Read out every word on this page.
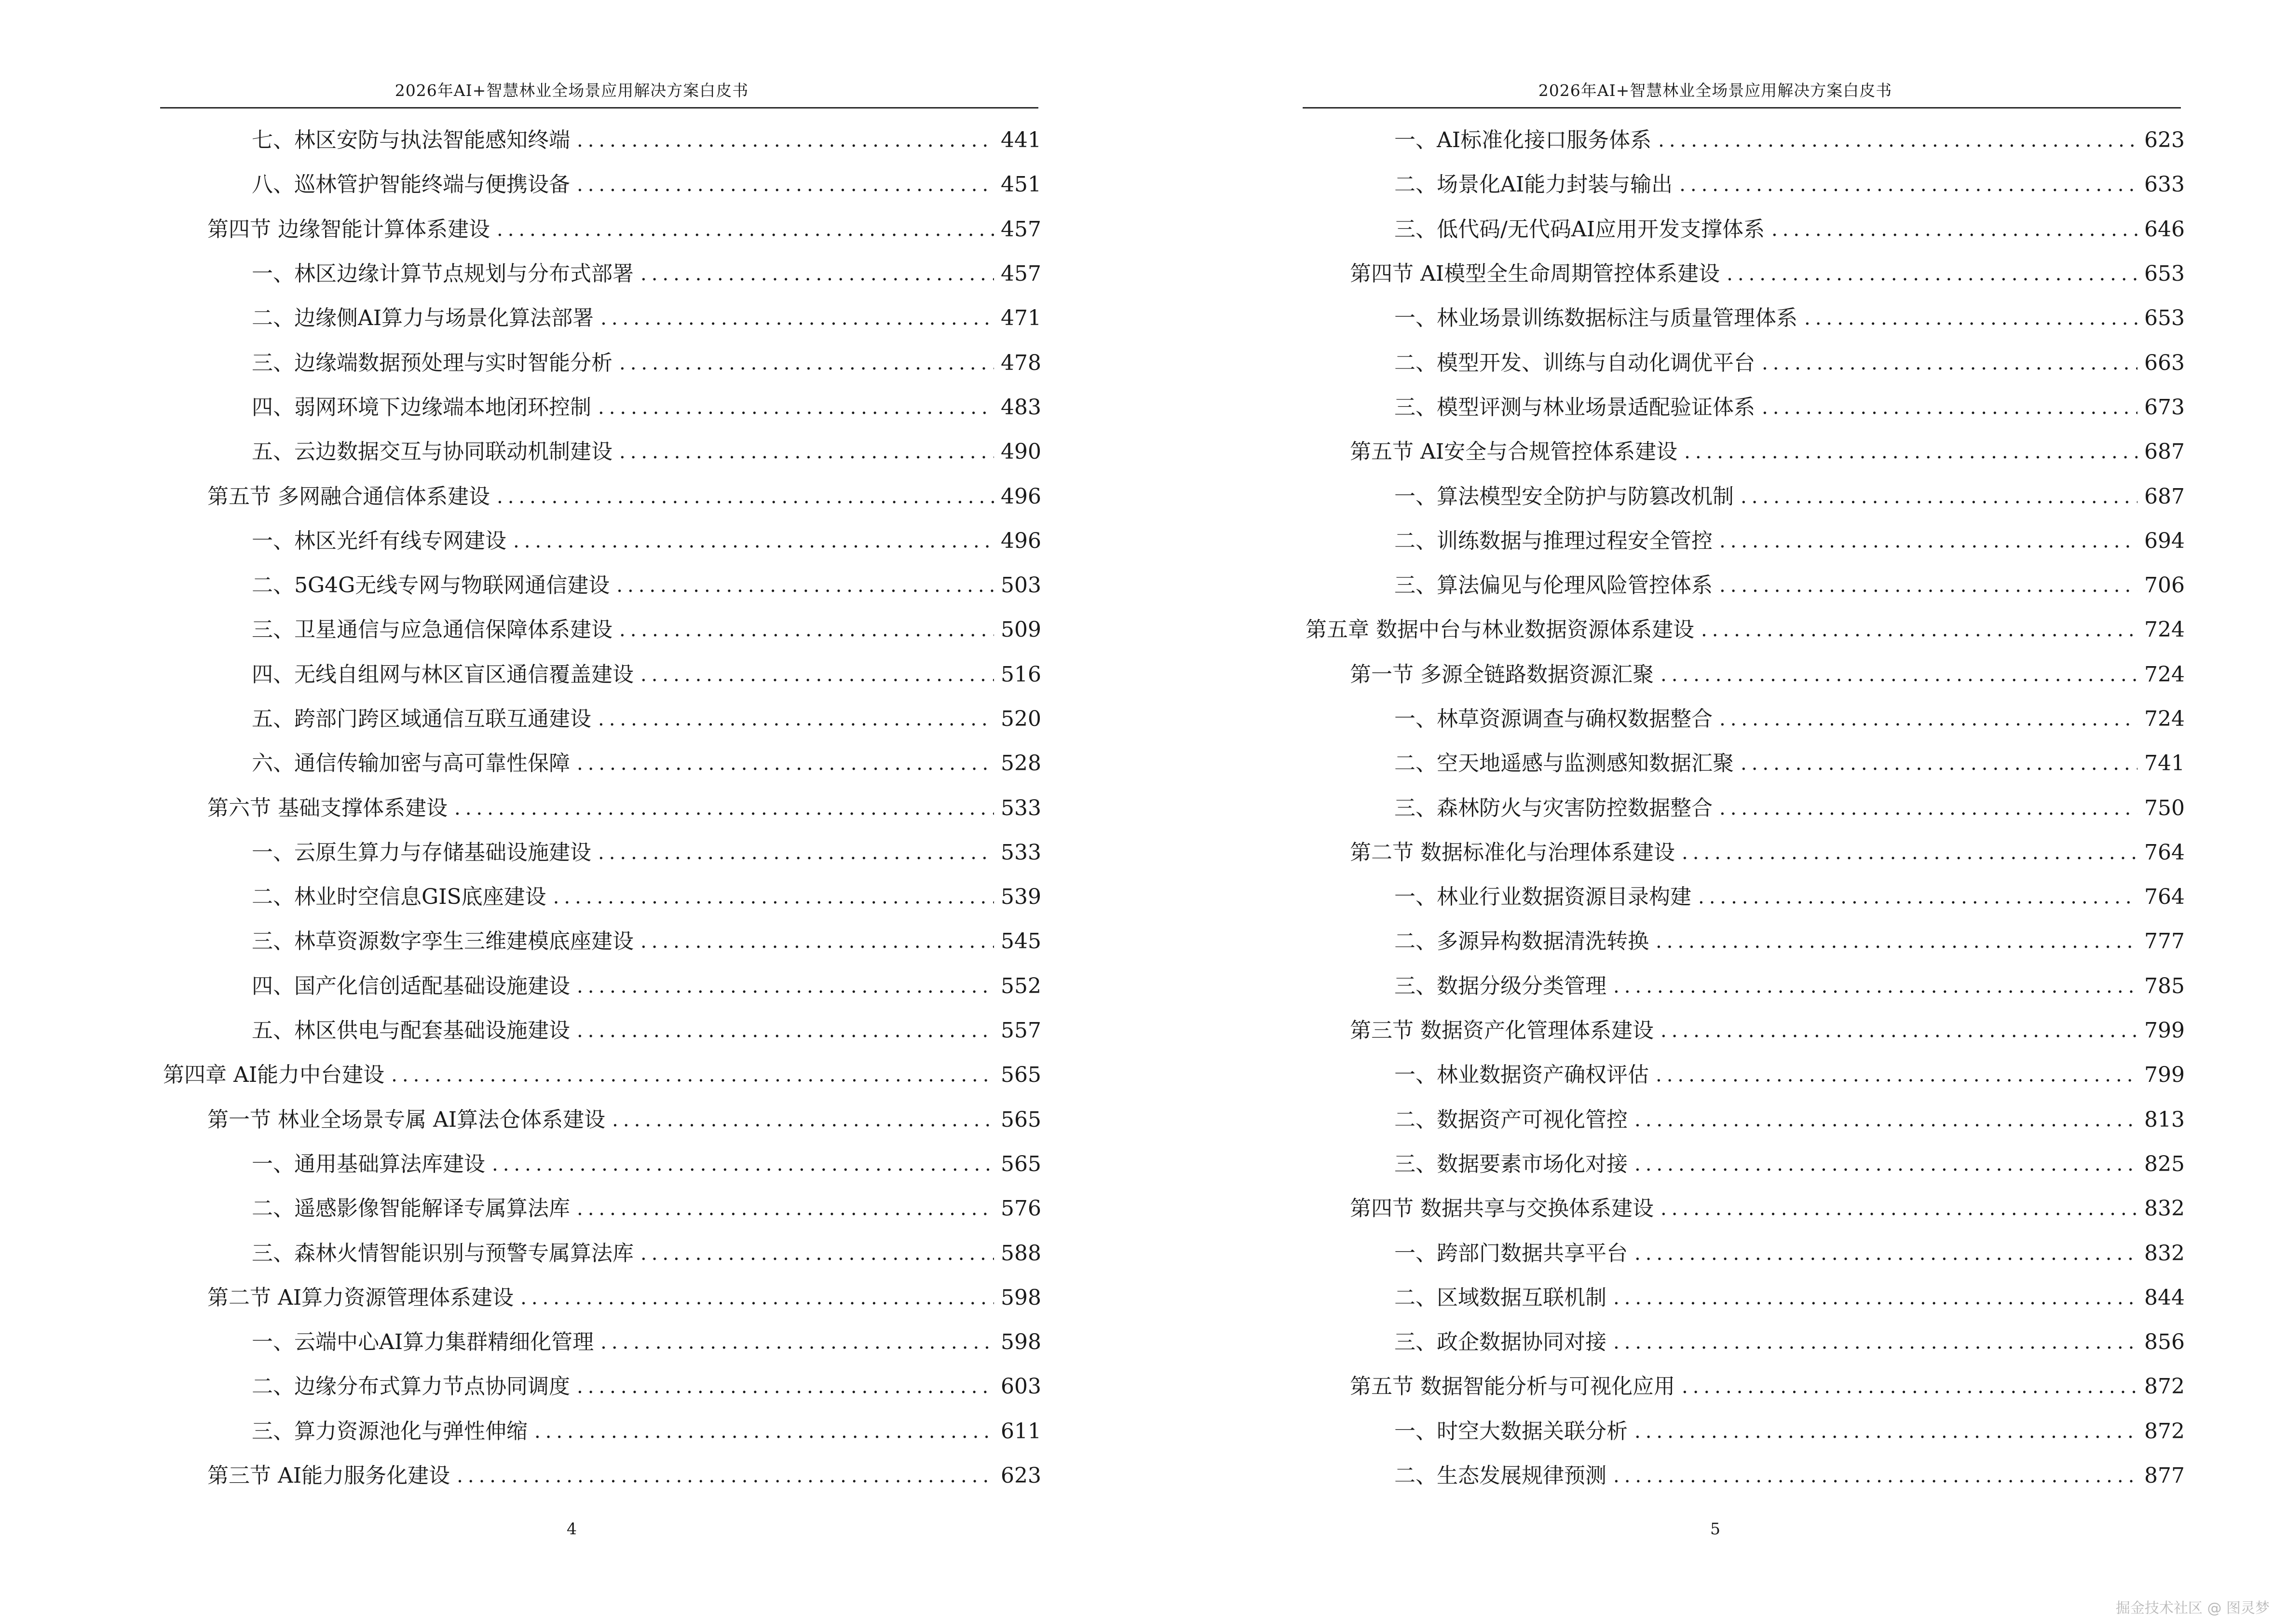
2026年AI+智慧林业全场景应用解决方案白皮书
七、林区安防与执法智能感知终端 .....	441
八、巡林管护智能终端与便携设备 .....	451
第四节 边缘智能计算体系建设 .....	457
一、林区边缘计算节点规划与分布式部署 .....	457
二、边缘侧AI算力与场景化算法部署 .....	471
三、边缘端数据预处理与实时智能分析 .....	478
四、弱网环境下边缘端本地闭环控制 .....	483
五、云边数据交互与协同联动机制建设 .....	490
第五节 多网融合通信体系建设 .....	496
一、林区光纤有线专网建设 .....	496
二、5G4G无线专网与物联网通信建设 .....	503
三、卫星通信与应急通信保障体系建设 .....	509
四、无线自组网与林区盲区通信覆盖建设 .....	516
五、跨部门跨区域通信互联互通建设 .....	520
六、通信传输加密与高可靠性保障 .....	528
第六节 基础支撑体系建设 .....	533
一、云原生算力与存储基础设施建设 .....	533
二、林业时空信息GIS底座建设 .....	539
三、林草资源数字孪生三维建模底座建设 .....	545
四、国产化信创适配基础设施建设 .....	552
五、林区供电与配套基础设施建设 .....	557
第四章 AI能力中台建设 .....	565
第一节 林业全场景专属 AI算法仓体系建设 .....	565
一、通用基础算法库建设 .....	565
二、遥感影像智能解译专属算法库 .....	576
三、森林火情智能识别与预警专属算法库 .....	588
第二节 AI算力资源管理体系建设 .....	598
一、云端中心AI算力集群精细化管理 .....	598
二、边缘分布式算力节点协同调度 .....	603
三、算力资源池化与弹性伸缩 .....	611
第三节 AI能力服务化建设 .....	623
4
2026年AI+智慧林业全场景应用解决方案白皮书
一、AI标准化接口服务体系 .....	623
二、场景化AI能力封装与输出 .....	633
三、低代码/无代码AI应用开发支撑体系 .....	646
第四节 AI模型全生命周期管控体系建设 .....	653
一、林业场景训练数据标注与质量管理体系 .....	653
二、模型开发、训练与自动化调优平台 .....	663
三、模型评测与林业场景适配验证体系 .....	673
第五节 AI安全与合规管控体系建设 .....	687
一、算法模型安全防护与防篡改机制 .....	687
二、训练数据与推理过程安全管控 .....	694
三、算法偏见与伦理风险管控体系 .....	706
第五章 数据中台与林业数据资源体系建设 .....	724
第一节 多源全链路数据资源汇聚 .....	724
一、林草资源调查与确权数据整合 .....	724
二、空天地遥感与监测感知数据汇聚 .....	741
三、森林防火与灾害防控数据整合 .....	750
第二节 数据标准化与治理体系建设 .....	764
一、林业行业数据资源目录构建 .....	764
二、多源异构数据清洗转换 .....	777
三、数据分级分类管理 .....	785
第三节 数据资产化管理体系建设 .....	799
一、林业数据资产确权评估 .....	799
二、数据资产可视化管控 .....	813
三、数据要素市场化对接 .....	825
第四节 数据共享与交换体系建设 .....	832
一、跨部门数据共享平台 .....	832
二、区域数据互联机制 .....	844
三、政企数据协同对接 .....	856
第五节 数据智能分析与可视化应用 .....	872
一、时空大数据关联分析 .....	872
二、生态发展规律预测 .....	877
5
掘金技术社区 @ 图灵梦
